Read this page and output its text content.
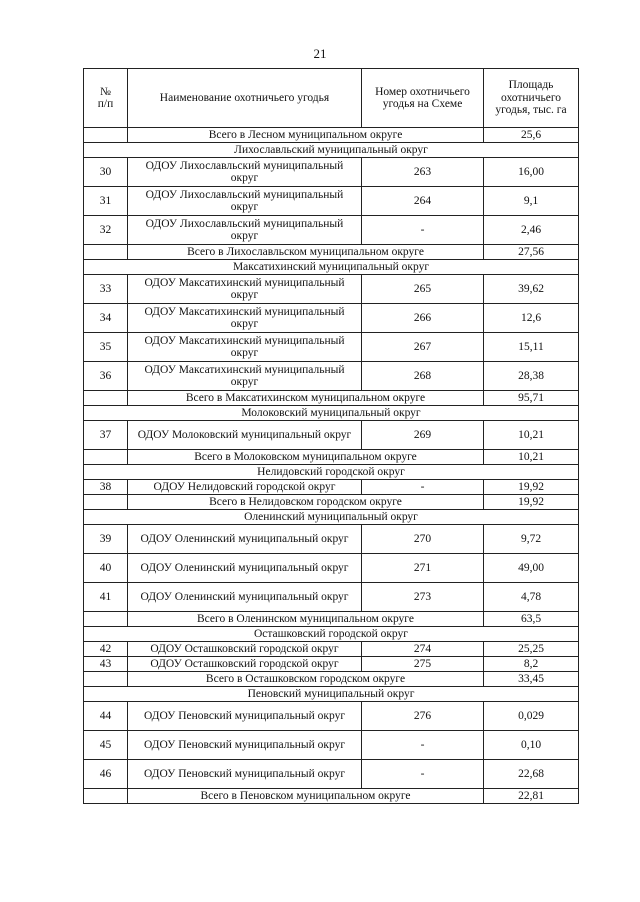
21
№
п/п	Наименование охотничьего угодья	Номер охотничьего угодья на Схеме	Площадь охотничьего угодья, тыс. га
	Всего в Лесном муниципальном округе		25,6
Лихославльский муниципальный округ			
30	ОДОУ Лихославльский муниципальный округ	263	16,00
31	ОДОУ Лихославльский муниципальный округ	264	9,1
32	ОДОУ Лихославльский муниципальный округ	-	2,46
	Всего в Лихославльском муниципальном округе		27,56
Максатихинский муниципальный округ			
33	ОДОУ Максатихинский муниципальный округ	265	39,62
34	ОДОУ Максатихинский муниципальный округ	266	12,6
35	ОДОУ Максатихинский муниципальный округ	267	15,11
36	ОДОУ Максатихинский муниципальный округ	268	28,38
	Всего в Максатихинском муниципальном округе		95,71
Молоковский муниципальный округ			
37	ОДОУ Молоковский муниципальный округ	269	10,21
	Всего в Молоковском муниципальном округе		10,21
Нелидовский городской округ			
38	ОДОУ Нелидовский городской округ	-	19,92
	Всего в Нелидовском городском округе		19,92
Оленинский муниципальный округ			
39	ОДОУ Оленинский муниципальный округ	270	9,72
40	ОДОУ Оленинский муниципальный округ	271	49,00
41	ОДОУ Оленинский муниципальный округ	273	4,78
	Всего в Оленинском муниципальном округе		63,5
Осташковский городской округ			
42	ОДОУ Осташковский городской округ	274	25,25
43	ОДОУ Осташковский городской округ	275	8,2
	Всего в Осташковском городском округе		33,45
Пеновский муниципальный округ			
44	ОДОУ Пеновский муниципальный округ	276	0,029
45	ОДОУ Пеновский муниципальный округ	-	0,10
46	ОДОУ Пеновский муниципальный округ	-	22,68
	Всего в Пеновском муниципальном округе		22,81
